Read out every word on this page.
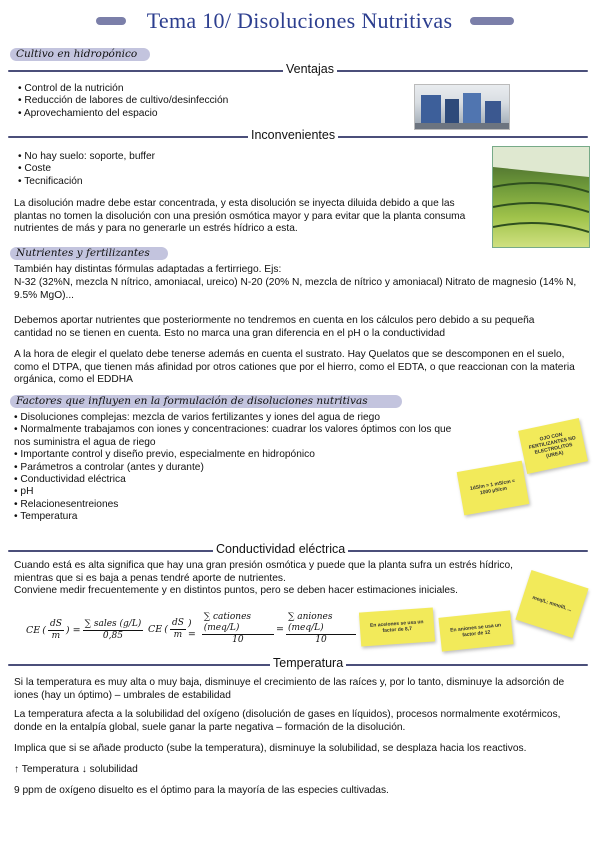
Tema 10/ Disoluciones Nutritivas
Cultivo en hidropónico
Ventajas
• Control de la nutrición
• Reducción de labores de cultivo/desinfección
• Aprovechamiento del espacio
Inconvenientes
• No hay suelo: soporte, buffer
• Coste
• Tecnificación
La disolución madre debe estar concentrada, y esta disolución se inyecta diluida debido a que las plantas no tomen la disolución con una presión osmótica mayor y para evitar que la planta consuma nutrientes de más y para no generarle un estrés hídrico a esta.
Nutrientes y fertilizantes
También hay distintas fórmulas adaptadas a fertirriego. Ejs:
N-32 (32%N, mezcla N nítrico, amoniacal, ureico) N-20 (20% N, mezcla de nítrico y amoniacal) Nitrato de magnesio (14% N, 9.5% MgO)...
Debemos aportar nutrientes que posteriormente no tendremos en cuenta en los cálculos pero debido a su pequeña cantidad no se tienen en cuenta. Esto no marca una gran diferencia en el pH o la conductividad
A la hora de elegir el quelato debe tenerse además en cuenta el sustrato. Hay Quelatos que se descomponen en el suelo, como el DTPA, que tienen más afinidad por otros cationes que por el hierro, como el EDTA, o que reaccionan con la materia orgánica, como el EDDHA
Factores que influyen en la formulación de disoluciones nutritivas
• Disoluciones complejas: mezcla de varios fertilizantes y iones del agua de riego
• Normalmente trabajamos con iones y concentraciones: cuadrar los valores óptimos con los que nos suministra el agua de riego
• Importante control y diseño previo, especialmente en hidropónico
• Parámetros a controlar (antes y durante)
• Conductividad eléctrica
• pH
• Relacionesentreiones
• Temperatura
OJO CON FERTILIZANTES NO ELECTROLITOS (UREA)
1dS/m = 1 mS/cm = 1000 µS/cm
Conductividad eléctrica
Cuando está es alta significa que hay una gran presión osmótica y puede que la planta sufra un estrés hídrico, mientras que si es baja a penas tendré aporte de nutrientes.
Conviene medir frecuentemente y en distintos puntos, pero se deben hacer estimaciones iniciales.
CE ( $\frac{dS}{m}$ ) = $\frac{\text{∑ sales (g/L)}}{0,85}$ CE ( $\frac{dS}{m}$ ) = $\frac{\text{∑ cationes (meq/L)}}{10} = \frac{\text{∑ aniones (meq/L)}}{10}$	En aceiones se usa un factor de 8,7	En aniones se usa un factor de 12
meq/L; mmol/L ...
Temperatura
Si la temperatura es muy alta o muy baja, disminuye el crecimiento de las raíces y, por lo tanto, disminuye la adsorción de iones (hay un óptimo) – umbrales de estabilidad
La temperatura afecta a la solubilidad del oxígeno (disolución de gases en líquidos), procesos normalmente exotérmicos, donde en la entalpía global, suele ganar la parte negativa – formación de la disolución.
Implica que si se añade producto (sube la temperatura), disminuye la solubilidad, se desplaza hacia los reactivos.
↑ Temperatura ↓ solubilidad
9 ppm de oxígeno disuelto es el óptimo para la mayoría de las especies cultivadas.
